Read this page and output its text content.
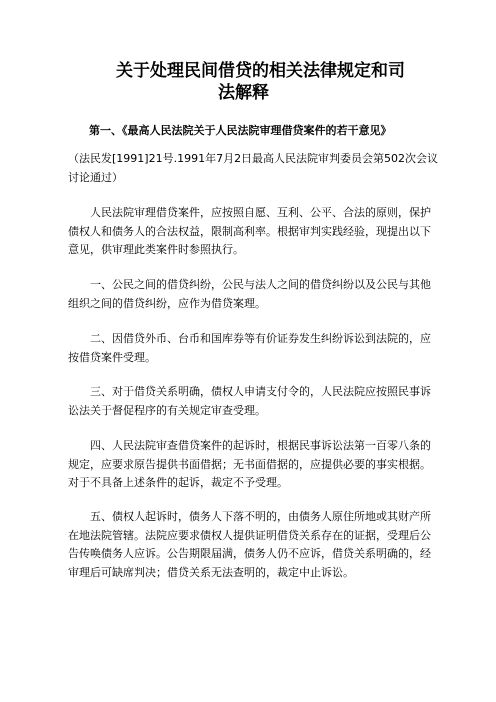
关于处理民间借贷的相关法律规定和司
法解释
第一、《最高人民法院关于人民法院审理借贷案件的若干意见》

（法民发[1991]21号.1991年7月2日最高人民法院审判委员会第502次会议讨论通过）

人民法院审理借贷案件，应按照自愿、互利、公平、合法的原则，保护债权人和债务人的合法权益，限制高利率。根据审判实践经验，现提出以下意见，供审理此类案件时参照执行。

一、公民之间的借贷纠纷，公民与法人之间的借贷纠纷以及公民与其他组织之间的借贷纠纷，应作为借贷案理。

二、因借贷外币、台币和国库券等有价证券发生纠纷诉讼到法院的，应按借贷案件受理。

三、对于借贷关系明确，债权人申请支付令的，人民法院应按照民事诉讼法关于督促程序的有关规定审查受理。

四、人民法院审查借贷案件的起诉时，根据民事诉讼法第一百零八条的规定，应要求原告提供书面借据；无书面借据的，应提供必要的事实根据。对于不具备上述条件的起诉，裁定不予受理。

五、债权人起诉时，债务人下落不明的，由债务人原住所地或其财产所在地法院管辖。法院应要求债权人提供证明借贷关系存在的证据，受理后公告传唤债务人应诉。公告期限届满，债务人仍不应诉，借贷关系明确的，经审理后可缺席判决；借贷关系无法查明的，裁定中止诉讼。
